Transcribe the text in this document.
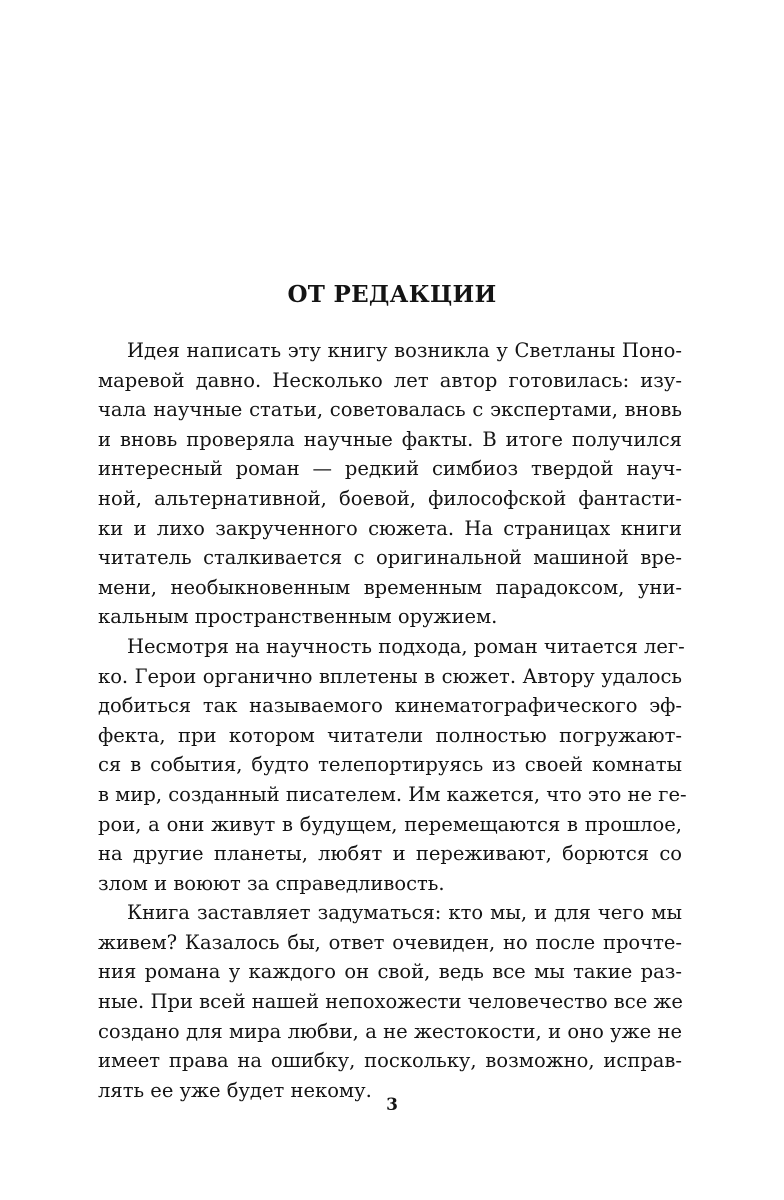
ОТ РЕДАКЦИИ
Идея написать эту книгу возникла у Светланы Поно-
маревой давно. Несколько лет автор готовилась: изу-
чала научные статьи, советовалась с экспертами, вновь
и вновь проверяла научные факты. В итоге получился
интересный роман — редкий симбиоз твердой науч-
ной, альтернативной, боевой, философской фантасти-
ки и лихо закрученного сюжета. На страницах книги
читатель сталкивается с оригинальной машиной вре-
мени, необыкновенным временным парадоксом, уни-
кальным пространственным оружием.
Несмотря на научность подхода, роман читается лег-
ко. Герои органично вплетены в сюжет. Автору удалось
добиться так называемого кинематографического эф-
фекта, при котором читатели полностью погружают-
ся в события, будто телепортируясь из своей комнаты
в мир, созданный писателем. Им кажется, что это не ге-
рои, а они живут в будущем, перемещаются в прошлое,
на другие планеты, любят и переживают, борются со
злом и воюют за справедливость.
Книга заставляет задуматься: кто мы, и для чего мы
живем? Казалось бы, ответ очевиден, но после прочте-
ния романа у каждого он свой, ведь все мы такие раз-
ные. При всей нашей непохожести человечество все же
создано для мира любви, а не жестокости, и оно уже не
имеет права на ошибку, поскольку, возможно, исправ-
лять ее уже будет некому.
3
